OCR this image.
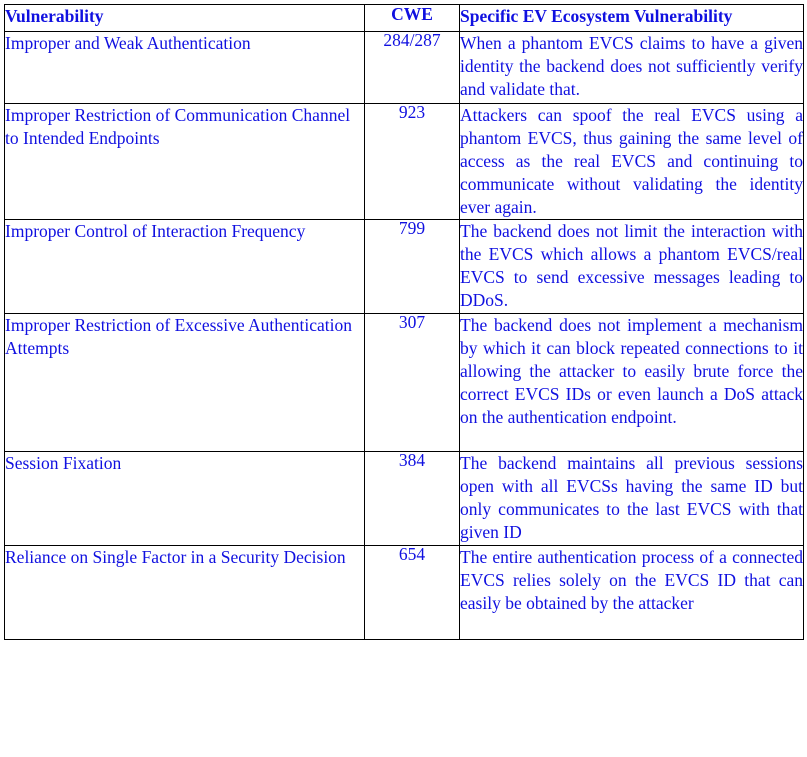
Vulnerability	CWE	Specific EV Ecosystem Vulnerability
Improper and Weak Authentication	284/287	When a phantom EVCS claims to have a given identity the backend does not sufficiently verify and validate that.
Improper Restriction of Communication Channel to Intended Endpoints	923	Attackers can spoof the real EVCS using a phantom EVCS, thus gaining the same level of access as the real EVCS and continuing to communicate without validating the identity ever again.
Improper Control of Interaction Frequency	799	The backend does not limit the interaction with the EVCS which allows a phantom EVCS/real EVCS to send excessive messages leading to DDoS.
Improper Restriction of Excessive Authentication Attempts	307	The backend does not implement a mechanism by which it can block repeated connections to it allowing the attacker to easily brute force the correct EVCS IDs or even launch a DoS attack on the authentication endpoint.
Session Fixation	384	The backend maintains all previous sessions open with all EVCSs having the same ID but only communicates to the last EVCS with that given ID
Reliance on Single Factor in a Security Decision	654	The entire authentication process of a connected EVCS relies solely on the EVCS ID that can easily be obtained by the attacker
